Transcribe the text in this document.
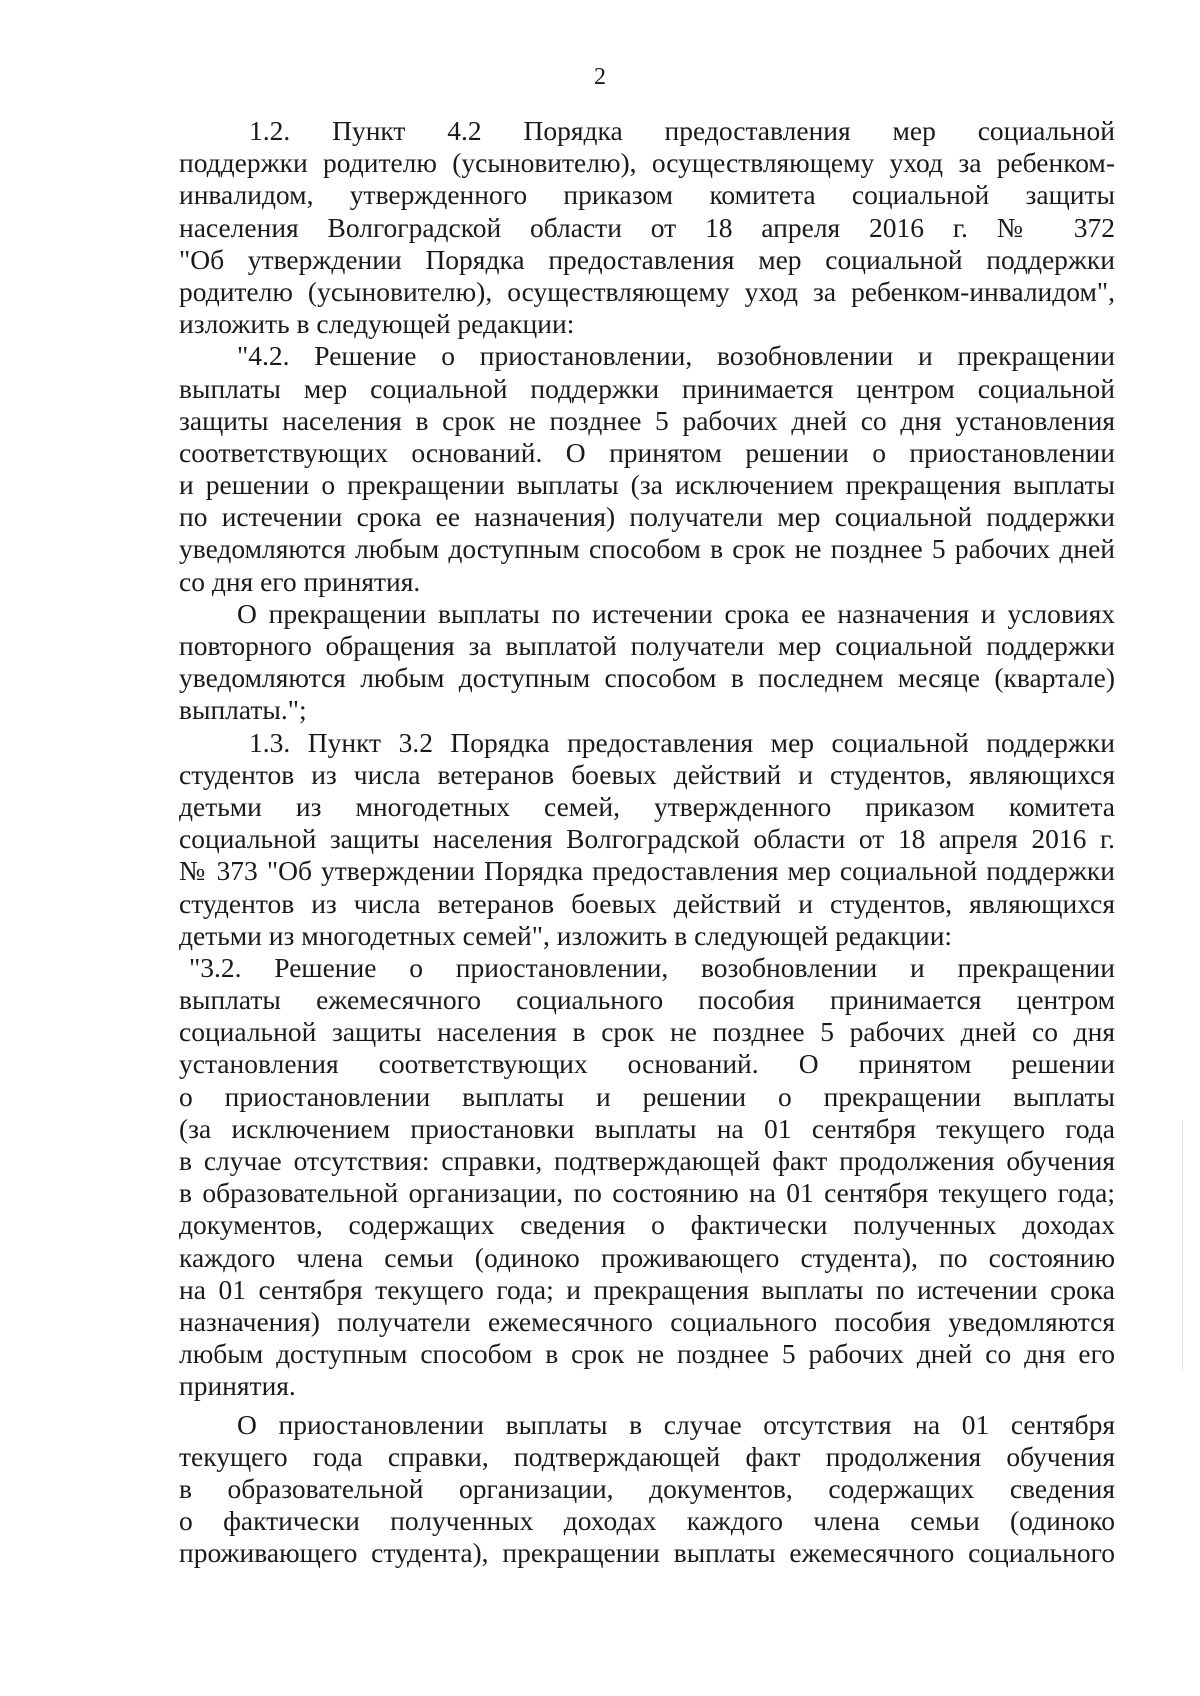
2
1.2. Пункт 4.2 Порядка предоставления мер социальной
поддержки родителю (усыновителю), осуществляющему уход за ребенком-
инвалидом, утвержденного приказом комитета социальной защиты
населения Волгоградской области от 18 апреля 2016 г. № 372
"Об утверждении Порядка предоставления мер социальной поддержки
родителю (усыновителю), осуществляющему уход за ребенком-инвалидом",
изложить в следующей редакции:
"4.2. Решение о приостановлении, возобновлении и прекращении
выплаты мер социальной поддержки принимается центром социальной
защиты населения в срок не позднее 5 рабочих дней со дня установления
соответствующих оснований. О принятом решении о приостановлении
и решении о прекращении выплаты (за исключением прекращения выплаты
по истечении срока ее назначения) получатели мер социальной поддержки
уведомляются любым доступным способом в срок не позднее 5 рабочих дней
со дня его принятия.
О прекращении выплаты по истечении срока ее назначения и условиях
повторного обращения за выплатой получатели мер социальной поддержки
уведомляются любым доступным способом в последнем месяце (квартале)
выплаты.";
1.3. Пункт 3.2 Порядка предоставления мер социальной поддержки
студентов из числа ветеранов боевых действий и студентов, являющихся
детьми из многодетных семей, утвержденного приказом комитета
социальной защиты населения Волгоградской области от 18 апреля 2016 г.
№ 373 "Об утверждении Порядка предоставления мер социальной поддержки
студентов из числа ветеранов боевых действий и студентов, являющихся
детьми из многодетных семей", изложить в следующей редакции:
"3.2. Решение о приостановлении, возобновлении и прекращении
выплаты ежемесячного социального пособия принимается центром
социальной защиты населения в срок не позднее 5 рабочих дней со дня
установления соответствующих оснований. О принятом решении
о приостановлении выплаты и решении о прекращении выплаты
(за исключением приостановки выплаты на 01 сентября текущего года
в случае отсутствия: справки, подтверждающей факт продолжения обучения
в образовательной организации, по состоянию на 01 сентября текущего года;
документов, содержащих сведения о фактически полученных доходах
каждого члена семьи (одиноко проживающего студента), по состоянию
на 01 сентября текущего года; и прекращения выплаты по истечении срока
назначения) получатели ежемесячного социального пособия уведомляются
любым доступным способом в срок не позднее 5 рабочих дней со дня его
принятия.
О приостановлении выплаты в случае отсутствия на 01 сентября
текущего года справки, подтверждающей факт продолжения обучения
в образовательной организации, документов, содержащих сведения
о фактически полученных доходах каждого члена семьи (одиноко
проживающего студента), прекращении выплаты ежемесячного социального
